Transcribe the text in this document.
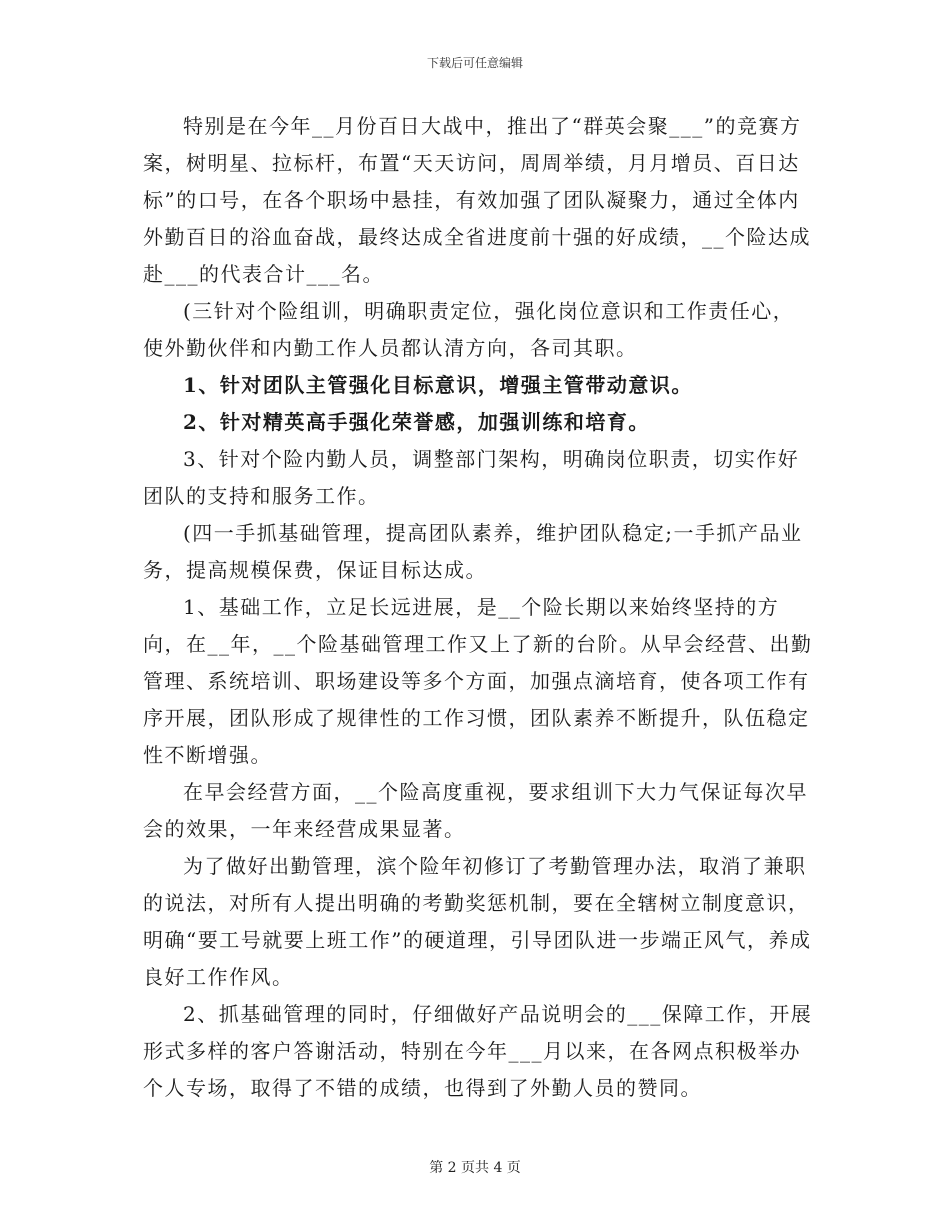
下载后可任意编辑

特别是在今年__月份百日大战中，推出了“群英会聚___”的竞赛方案，树明星、拉标杆，布置“天天访问，周周举绩，月月增员、百日达标”的口号，在各个职场中悬挂，有效加强了团队凝聚力，通过全体内外勤百日的浴血奋战，最终达成全省进度前十强的好成绩，__个险达成赴___的代表合计___名。

(三针对个险组训，明确职责定位，强化岗位意识和工作责任心，使外勤伙伴和内勤工作人员都认清方向，各司其职。

1、针对团队主管强化目标意识，增强主管带动意识。

2、针对精英高手强化荣誉感，加强训练和培育。

3、针对个险内勤人员，调整部门架构，明确岗位职责，切实作好团队的支持和服务工作。

(四一手抓基础管理，提高团队素养，维护团队稳定;一手抓产品业务，提高规模保费，保证目标达成。

1、基础工作，立足长远进展，是__个险长期以来始终坚持的方向，在__年，__个险基础管理工作又上了新的台阶。从早会经营、出勤管理、系统培训、职场建设等多个方面，加强点滴培育，使各项工作有序开展，团队形成了规律性的工作习惯，团队素养不断提升，队伍稳定性不断增强。

在早会经营方面，__个险高度重视，要求组训下大力气保证每次早会的效果，一年来经营成果显著。

为了做好出勤管理，滨个险年初修订了考勤管理办法，取消了兼职的说法，对所有人提出明确的考勤奖惩机制，要在全辖树立制度意识，明确“要工号就要上班工作”的硬道理，引导团队进一步端正风气，养成良好工作作风。

2、抓基础管理的同时，仔细做好产品说明会的___保障工作，开展形式多样的客户答谢活动，特别在今年___月以来，在各网点积极举办个人专场，取得了不错的成绩，也得到了外勤人员的赞同。

第 2 页共 4 页
